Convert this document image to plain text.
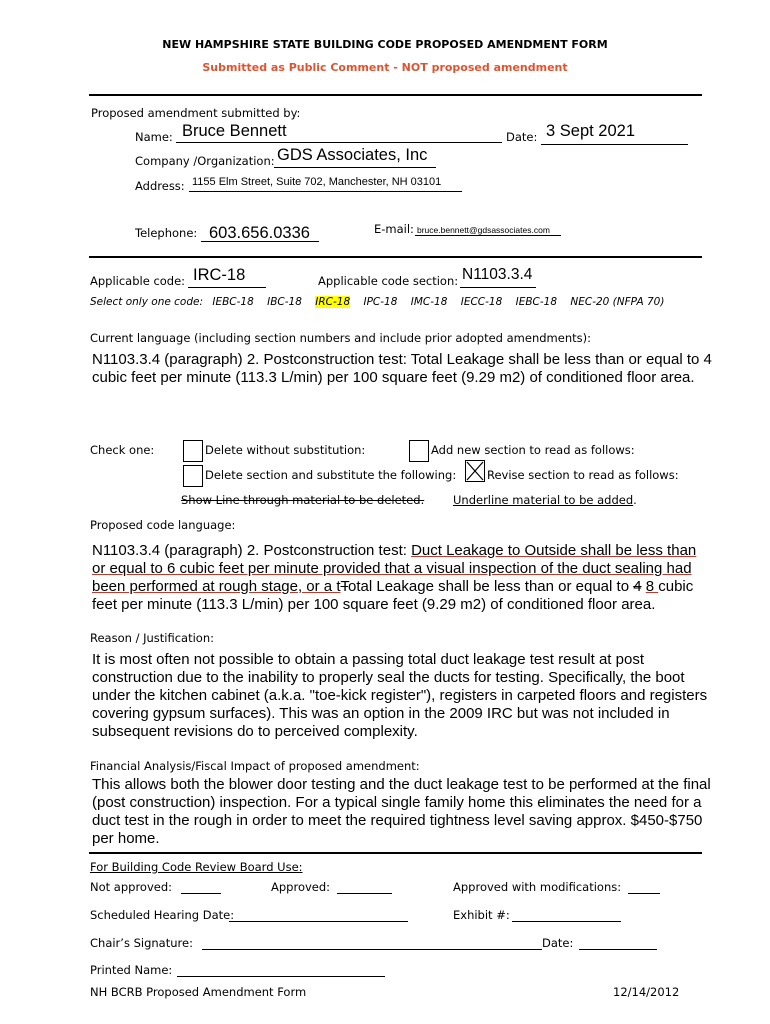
NEW HAMPSHIRE STATE BUILDING CODE PROPOSED AMENDMENT FORM
Submitted as Public Comment - NOT proposed amendment
Proposed amendment submitted by:
Name: Bruce Bennett	Date: 3 Sept 2021
Company /Organization: GDS Associates, Inc
Address: 1155 Elm Street, Suite 702, Manchester, NH 03101
Telephone: 603.656.0336	E-mail: bruce.bennett@gdsassociates.com
Applicable code: IRC-18	Applicable code section: N1103.3.4
Select only one code: IEBC-18 IBC-18 IRC-18 IPC-18 IMC-18 IECC-18 IEBC-18 NEC-20 (NFPA 70)
Current language (including section numbers and include prior adopted amendments):
N1103.3.4 (paragraph) 2. Postconstruction test: Total Leakage shall be less than or equal to 4 cubic feet per minute (113.3 L/min) per 100 square feet (9.29 m2) of conditioned floor area.
Check one:	Delete without substitution:	Add new section to read as follows:
Delete section and substitute the following:	Revise section to read as follows:
Show Line through material to be deleted.	Underline material to be added.
Proposed code language:
N1103.3.4 (paragraph) 2. Postconstruction test: Duct Leakage to Outside shall be less than or equal to 6 cubic feet per minute provided that a visual inspection of the duct sealing had been performed at rough stage, or a tTotal Leakage shall be less than or equal to 4 8 cubic feet per minute (113.3 L/min) per 100 square feet (9.29 m2) of conditioned floor area.
Reason / Justification:
It is most often not possible to obtain a passing total duct leakage test result at post construction due to the inability to properly seal the ducts for testing. Specifically, the boot under the kitchen cabinet (a.k.a. "toe-kick register"), registers in carpeted floors and registers covering gypsum surfaces). This was an option in the 2009 IRC but was not included in subsequent revisions do to perceived complexity.
Financial Analysis/Fiscal Impact of proposed amendment:
This allows both the blower door testing and the duct leakage test to be performed at the final (post construction) inspection. For a typical single family home this eliminates the need for a duct test in the rough in order to meet the required tightness level saving approx. $450-$750 per home.
For Building Code Review Board Use:
Not approved:	Approved:	Approved with modifications:
Scheduled Hearing Date:	Exhibit #:
Chair’s Signature:	Date:
Printed Name:
NH BCRB Proposed Amendment Form	12/14/2012
